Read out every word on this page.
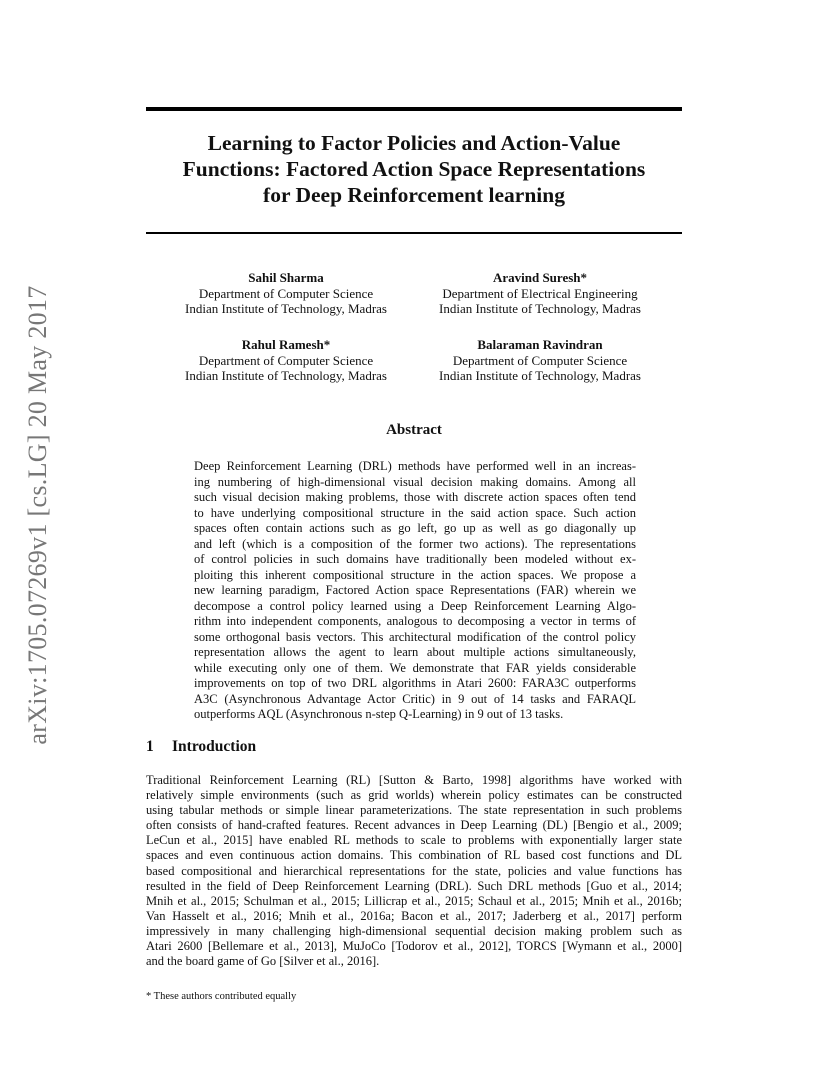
arXiv:1705.07269v1 [cs.LG] 20 May 2017
Learning to Factor Policies and Action-Value
Functions: Factored Action Space Representations
for Deep Reinforcement learning
Sahil Sharma
Department of Computer Science
Indian Institute of Technology, Madras
Aravind Suresh*
Department of Electrical Engineering
Indian Institute of Technology, Madras
Rahul Ramesh*
Department of Computer Science
Indian Institute of Technology, Madras
Balaraman Ravindran
Department of Computer Science
Indian Institute of Technology, Madras
Abstract
Deep Reinforcement Learning (DRL) methods have performed well in an increas-
ing numbering of high-dimensional visual decision making domains. Among all
such visual decision making problems, those with discrete action spaces often tend
to have underlying compositional structure in the said action space. Such action
spaces often contain actions such as go left, go up as well as go diagonally up
and left (which is a composition of the former two actions). The representations
of control policies in such domains have traditionally been modeled without ex-
ploiting this inherent compositional structure in the action spaces. We propose a
new learning paradigm, Factored Action space Representations (FAR) wherein we
decompose a control policy learned using a Deep Reinforcement Learning Algo-
rithm into independent components, analogous to decomposing a vector in terms of
some orthogonal basis vectors. This architectural modification of the control policy
representation allows the agent to learn about multiple actions simultaneously,
while executing only one of them. We demonstrate that FAR yields considerable
improvements on top of two DRL algorithms in Atari 2600: FARA3C outperforms
A3C (Asynchronous Advantage Actor Critic) in 9 out of 14 tasks and FARAQL
outperforms AQL (Asynchronous n-step Q-Learning) in 9 out of 13 tasks.
1 Introduction
Traditional Reinforcement Learning (RL) [Sutton & Barto, 1998] algorithms have worked with
relatively simple environments (such as grid worlds) wherein policy estimates can be constructed
using tabular methods or simple linear parameterizations. The state representation in such problems
often consists of hand-crafted features. Recent advances in Deep Learning (DL) [Bengio et al., 2009;
LeCun et al., 2015] have enabled RL methods to scale to problems with exponentially larger state
spaces and even continuous action domains. This combination of RL based cost functions and DL
based compositional and hierarchical representations for the state, policies and value functions has
resulted in the field of Deep Reinforcement Learning (DRL). Such DRL methods [Guo et al., 2014;
Mnih et al., 2015; Schulman et al., 2015; Lillicrap et al., 2015; Schaul et al., 2015; Mnih et al., 2016b;
Van Hasselt et al., 2016; Mnih et al., 2016a; Bacon et al., 2017; Jaderberg et al., 2017] perform
impressively in many challenging high-dimensional sequential decision making problem such as
Atari 2600 [Bellemare et al., 2013], MuJoCo [Todorov et al., 2012], TORCS [Wymann et al., 2000]
and the board game of Go [Silver et al., 2016].
* These authors contributed equally
